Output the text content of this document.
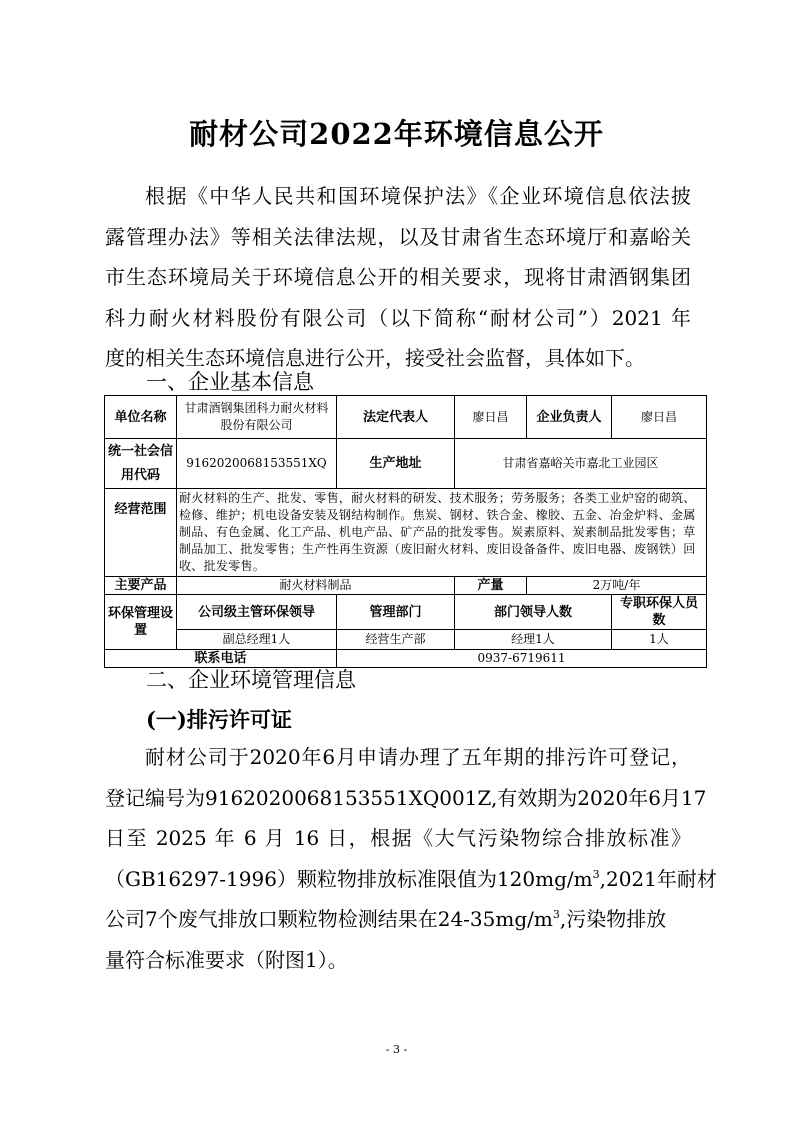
耐材公司2022年环境信息公开
根据《中华人民共和国环境保护法》《企业环境信息依法披
露管理办法》等相关法律法规，以及甘肃省生态环境厅和嘉峪关
市生态环境局关于环境信息公开的相关要求，现将甘肃酒钢集团
科力耐火材料股份有限公司（以下简称“耐材公司”）2021 年
度的相关生态环境信息进行公开，接受社会监督，具体如下。
一、企业基本信息
单位名称	甘肃酒钢集团科力耐火材料股份有限公司	法定代表人	廖日昌	企业负责人	廖日昌
统一社会信用代码	9162020068153551XQ	生产地址	甘肃省嘉峪关市嘉北工业园区		
经营范围	耐火材料的生产、批发、零售，耐火材料的研发、技术服务；劳务服务；各类工业炉窑的砌筑、检修、维护；机电设备安装及钢结构制作。焦炭、钢材、铁合金、橡胶、五金、冶金炉料、金属制品、有色金属、化工产品、机电产品、矿产品的批发零售。炭素原料、炭素制品批发零售；草制品加工、批发零售；生产性再生资源（废旧耐火材料、废旧设备备件、废旧电器、废钢铁）回收、批发零售。				
主要产品	耐火材料制品		产量	2万吨/年	
环保管理设置	公司级主管环保领导	管理部门	部门领导人数		专职环保人员数
	副总经理1人	经营生产部	经理1人		1人
联系电话		0937-6719611			
二、企业环境管理信息
(一)排污许可证
耐材公司于2020年6月申请办理了五年期的排污许可登记，
登记编号为9162020068153551XQ001Z,有效期为2020年6月17
日至 2025 年 6 月 16 日，根据《大气污染物综合排放标准》
（GB16297-1996）颗粒物排放标准限值为$120mg/m^3,2021$年耐材
公司7个废气排放口颗粒物检测结果在$24-35mg/m^3$,污染物排放
量符合标准要求（附图1）。
- 3 -
